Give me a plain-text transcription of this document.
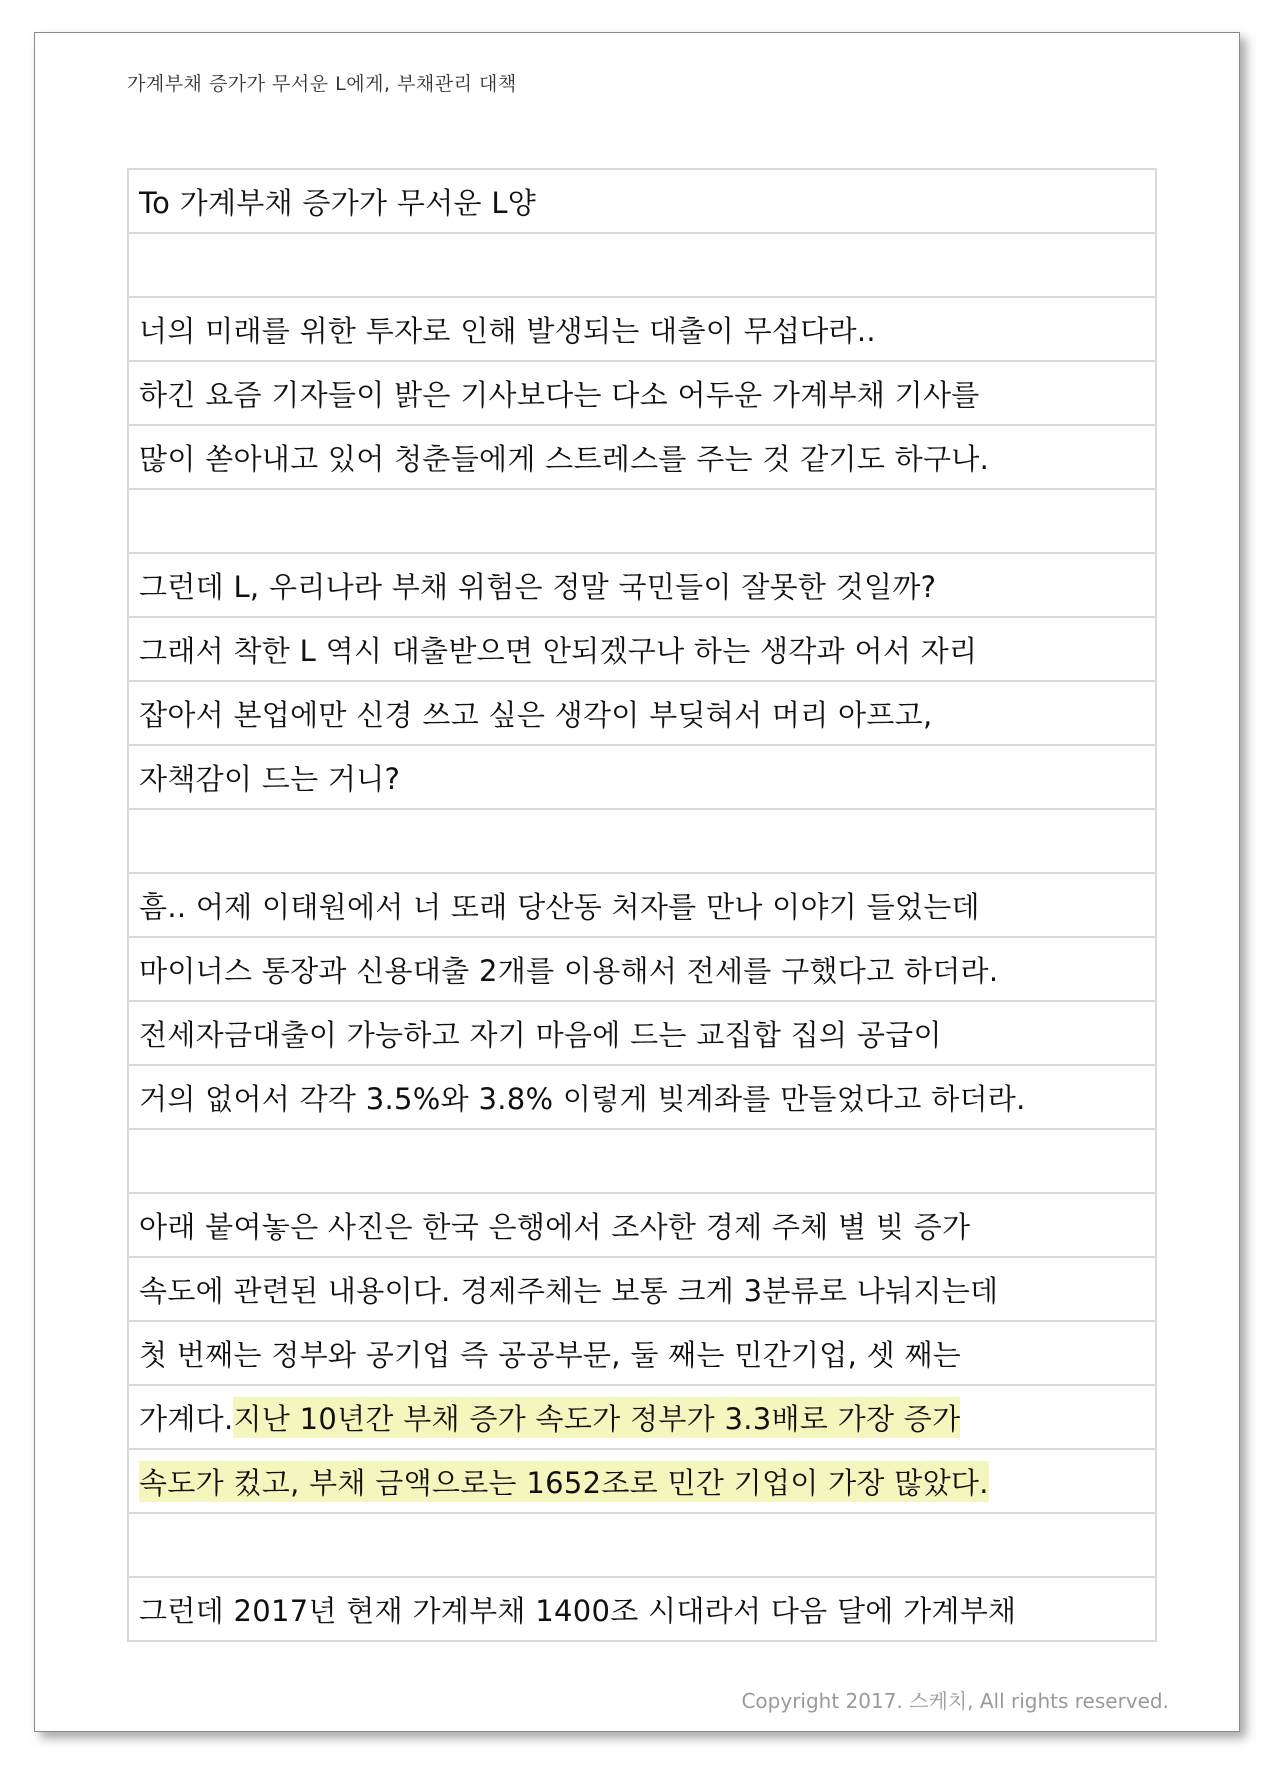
가계부채 증가가 무서운 L에게, 부채관리 대책
To 가계부채 증가가 무서운 L양
너의 미래를 위한 투자로 인해 발생되는 대출이 무섭다라..
하긴 요즘 기자들이 밝은 기사보다는 다소 어두운 가계부채 기사를
많이 쏟아내고 있어 청춘들에게 스트레스를 주는 것 같기도 하구나.
그런데 L, 우리나라 부채 위험은 정말 국민들이 잘못한 것일까?
그래서 착한 L 역시 대출받으면 안되겠구나 하는 생각과 어서 자리
잡아서 본업에만 신경 쓰고 싶은 생각이 부딪혀서 머리 아프고,
자책감이 드는 거니?
흠.. 어제 이태원에서 너 또래 당산동 처자를 만나 이야기 들었는데
마이너스 통장과 신용대출 2개를 이용해서 전세를 구했다고 하더라.
전세자금대출이 가능하고 자기 마음에 드는 교집합 집의 공급이
거의 없어서 각각 3.5%와 3.8% 이렇게 빚계좌를 만들었다고 하더라.
아래 붙여놓은 사진은 한국 은행에서 조사한 경제 주체 별 빚 증가
속도에 관련된 내용이다. 경제주체는 보통 크게 3분류로 나눠지는데
첫 번째는 정부와 공기업 즉 공공부문, 둘 째는 민간기업, 셋 째는
가계다. 지난 10년간 부채 증가 속도가 정부가 3.3배로 가장 증가
속도가 컸고, 부채 금액으로는 1652조로 민간 기업이 가장 많았다.
그런데 2017년 현재 가계부채 1400조 시대라서 다음 달에 가계부채
Copyright 2017. 스케치, All rights reserved.
